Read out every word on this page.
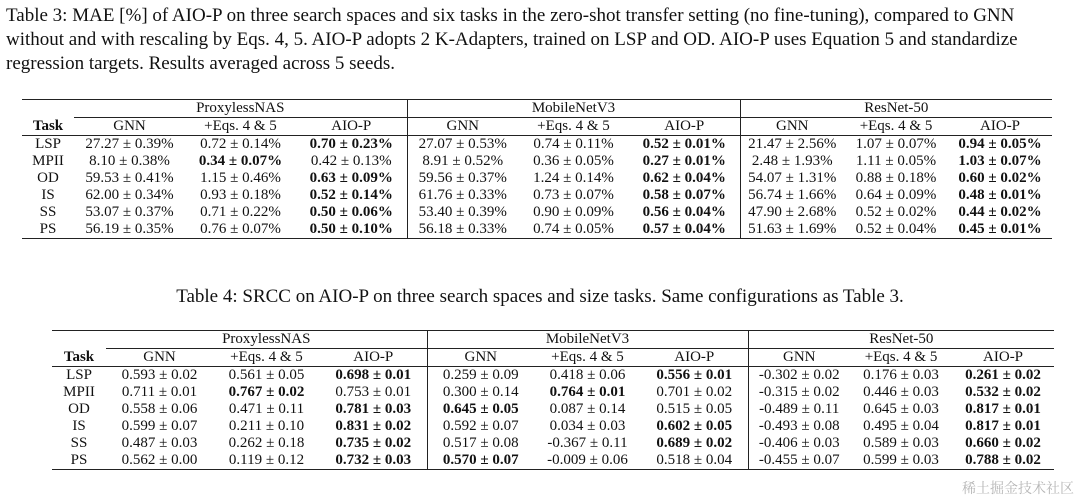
Table 3: MAE [%] of AIO-P on three search spaces and six tasks in the zero-shot transfer setting (no fine-tuning), compared to GNN without and with rescaling by Eqs. 4, 5. AIO-P adopts 2 K-Adapters, trained on LSP and OD. AIO-P uses Equation 5 and standardize regression targets. Results averaged across 5 seeds.

	ProxylessNAS			MobileNetV3			ResNet-50		
Task	GNN	+Eqs. 4 & 5	AIO-P	GNN	+Eqs. 4 & 5	AIO-P	GNN	+Eqs. 4 & 5	AIO-P
LSP	27.27 ± 0.39%	0.72 ± 0.14%	0.70 ± 0.23%	27.07 ± 0.53%	0.74 ± 0.11%	0.52 ± 0.01%	21.47 ± 2.56%	1.07 ± 0.07%	0.94 ± 0.05%
MPII	8.10 ± 0.38%	0.34 ± 0.07%	0.42 ± 0.13%	8.91 ± 0.52%	0.36 ± 0.05%	0.27 ± 0.01%	2.48 ± 1.93%	1.11 ± 0.05%	1.03 ± 0.07%
OD	59.53 ± 0.41%	1.15 ± 0.46%	0.63 ± 0.09%	59.56 ± 0.37%	1.24 ± 0.14%	0.62 ± 0.04%	54.07 ± 1.31%	0.88 ± 0.18%	0.60 ± 0.02%
IS	62.00 ± 0.34%	0.93 ± 0.18%	0.52 ± 0.14%	61.76 ± 0.33%	0.73 ± 0.07%	0.58 ± 0.07%	56.74 ± 1.66%	0.64 ± 0.09%	0.48 ± 0.01%
SS	53.07 ± 0.37%	0.71 ± 0.22%	0.50 ± 0.06%	53.40 ± 0.39%	0.90 ± 0.09%	0.56 ± 0.04%	47.90 ± 2.68%	0.52 ± 0.02%	0.44 ± 0.02%
PS	56.19 ± 0.35%	0.76 ± 0.07%	0.50 ± 0.10%	56.18 ± 0.33%	0.74 ± 0.05%	0.57 ± 0.04%	51.63 ± 1.69%	0.52 ± 0.04%	0.45 ± 0.01%

Table 4: SRCC on AIO-P on three search spaces and size tasks. Same configurations as Table 3.

	ProxylessNAS			MobileNetV3			ResNet-50		
Task	GNN	+Eqs. 4 & 5	AIO-P	GNN	+Eqs. 4 & 5	AIO-P	GNN	+Eqs. 4 & 5	AIO-P
LSP	0.593 ± 0.02	0.561 ± 0.05	0.698 ± 0.01	0.259 ± 0.09	0.418 ± 0.06	0.556 ± 0.01	-0.302 ± 0.02	0.176 ± 0.03	0.261 ± 0.02
MPII	0.711 ± 0.01	0.767 ± 0.02	0.753 ± 0.01	0.300 ± 0.14	0.764 ± 0.01	0.701 ± 0.02	-0.315 ± 0.02	0.446 ± 0.03	0.532 ± 0.02
OD	0.558 ± 0.06	0.471 ± 0.11	0.781 ± 0.03	0.645 ± 0.05	0.087 ± 0.14	0.515 ± 0.05	-0.489 ± 0.11	0.645 ± 0.03	0.817 ± 0.01
IS	0.599 ± 0.07	0.211 ± 0.10	0.831 ± 0.02	0.592 ± 0.07	0.034 ± 0.03	0.602 ± 0.05	-0.493 ± 0.08	0.495 ± 0.04	0.817 ± 0.01
SS	0.487 ± 0.03	0.262 ± 0.18	0.735 ± 0.02	0.517 ± 0.08	-0.367 ± 0.11	0.689 ± 0.02	-0.406 ± 0.03	0.589 ± 0.03	0.660 ± 0.02
PS	0.562 ± 0.00	0.119 ± 0.12	0.732 ± 0.03	0.570 ± 0.07	-0.009 ± 0.06	0.518 ± 0.04	-0.455 ± 0.07	0.599 ± 0.03	0.788 ± 0.02
稀土掘金技术社区
